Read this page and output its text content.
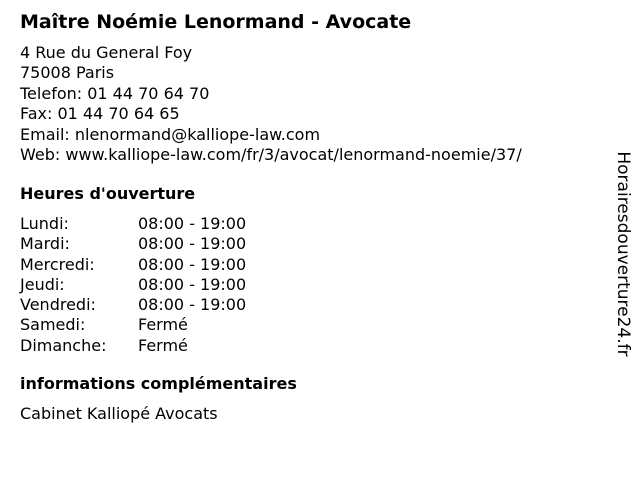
Maître Noémie Lenormand - Avocate
4 Rue du General Foy
75008 Paris
Telefon: 01 44 70 64 70
Fax: 01 44 70 64 65
Email: nlenormand@kalliope-law.com
Web: www.kalliope-law.com/fr/3/avocat/lenormand-noemie/37/
Heures d'ouverture
Lundi:	08:00 - 19:00
Mardi:	08:00 - 19:00
Mercredi:	08:00 - 19:00
Jeudi:	08:00 - 19:00
Vendredi:	08:00 - 19:00
Samedi:	Fermé
Dimanche: Fermé
informations complémentaires
Cabinet Kalliopé Avocats
Horairesdouverture24.fr
